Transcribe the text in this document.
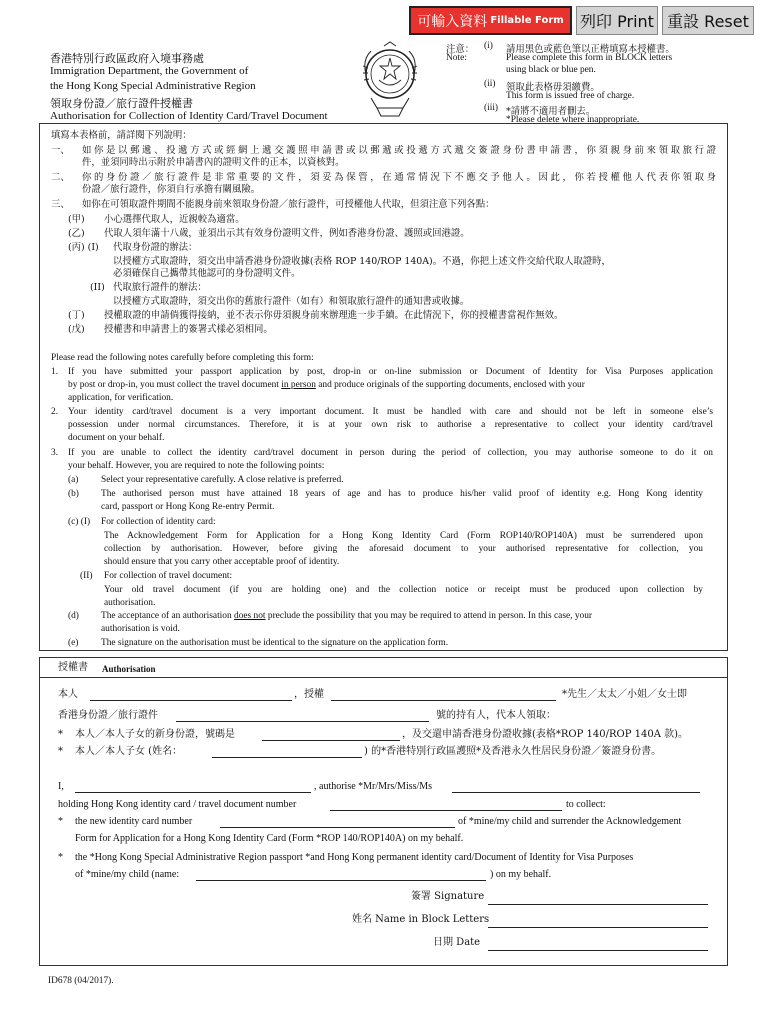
可輸入資料 Fillable Form 列印 Print 重設 Reset
香港特別行政區政府入境事務處
Immigration Department, the Government of
the Hong Kong Special Administrative Region
領取身份證／旅行證件授權書
Authorisation for Collection of Identity Card/Travel Document
注意：
Note:
(i) 請用黑色或藍色筆以正楷填寫本授權書。
Please complete this form in BLOCK letters
using black or blue pen.
(ii) 領取此表格毋須繳費。
This form is issued free of charge.
(iii) *請將不適用者刪去。
*Please delete where inappropriate.
填寫本表格前，請詳閱下列說明：
一、 如你是以郵遞、投遞方式或經網上遞交護照申請書或以郵遞或投遞方式遞交簽證身份書申請書，你須親身前來領取旅行證
件，並須同時出示附於申請書內的證明文件的正本，以資核對。
二、 你的身份證／旅行證件是非常重要的文件，須妥為保管，在通常情況下不應交予他人。因此，你若授權他人代表你領取身
份證／旅行證件，你須自行承擔有關風險。
三、 如你在可領取證件期間不能親身前來領取身份證／旅行證件，可授權他人代取，但須注意下列各點：
(甲) 小心選擇代取人，近親較為適當。
(乙) 代取人須年滿十八歲，並須出示其有效身份證明文件，例如香港身份證、護照或回港證。
(丙) (I) 代取身份證的辦法：
以授權方式取證時，須交出申請香港身份證收據(表格 ROP 140/ROP 140A)。不過，你把上述文件交給代取人取證時，
必須確保自己攜帶其他認可的身份證明文件。
(II) 代取旅行證件的辦法：
以授權方式取證時，須交出你的舊旅行證件（如有）和領取旅行證件的通知書或收據。
(丁) 授權取證的申請倘獲得接納，並不表示你毋須親身前來辦理進一步手續。在此情況下，你的授權書當視作無效。
(戊) 授權書和申請書上的簽署式樣必須相同。
Please read the following notes carefully before completing this form:
1. If you have submitted your passport application by post, drop-in or on-line submission or Document of Identity for Visa Purposes application
by post or drop-in, you must collect the travel document in person and produce originals of the supporting documents, enclosed with your
application, for verification.
2. Your identity card/travel document is a very important document. It must be handled with care and should not be left in someone else’s
possession under normal circumstances. Therefore, it is at your own risk to authorise a representative to collect your identity card/travel
document on your behalf.
3. If you are unable to collect the identity card/travel document in person during the period of collection, you may authorise someone to do it on
your behalf. However, you are required to note the following points:
(a) Select your representative carefully. A close relative is preferred.
(b) The authorised person must have attained 18 years of age and has to produce his/her valid proof of identity e.g. Hong Kong identity
card, passport or Hong Kong Re-entry Permit.
(c) (I) For collection of identity card:
The Acknowledgement Form for Application for a Hong Kong Identity Card (Form ROP140/ROP140A) must be surrendered upon
collection by authorisation. However, before giving the aforesaid document to your authorised representative for collection, you
should ensure that you carry other acceptable proof of identity.
(II) For collection of travel document:
Your old travel document (if you are holding one) and the collection notice or receipt must be produced upon collection by
authorisation.
(d) The acceptance of an authorisation does not preclude the possibility that you may be required to attend in person. In this case, your
authorisation is void.
(e) The signature on the authorisation must be identical to the signature on the application form.
授權書 Authorisation
本人	，授權	*先生／太太／小姐／女士即
香港身份證／旅行證件	號的持有人，代本人領取：
* 本人／本人子女的新身份證，號碼是	，及交還申請香港身份證收據(表格*ROP 140/ROP 140A 款)。
* 本人／本人子女 (姓名：	) 的*香港特別行政區護照*及香港永久性居民身份證／簽證身份書。
I,	, authorise *Mr/Mrs/Miss/Ms
holding Hong Kong identity card / travel document number	to collect:
* the new identity card number	of *mine/my child and surrender the Acknowledgement
Form for Application for a Hong Kong Identity Card (Form *ROP 140/ROP140A) on my behalf.
* the *Hong Kong Special Administrative Region passport *and Hong Kong permanent identity card/Document of Identity for Visa Purposes
of *mine/my child (name:	) on my behalf.
簽署 Signature
姓名 Name in Block Letters
日期 Date
ID678 (04/2017).
